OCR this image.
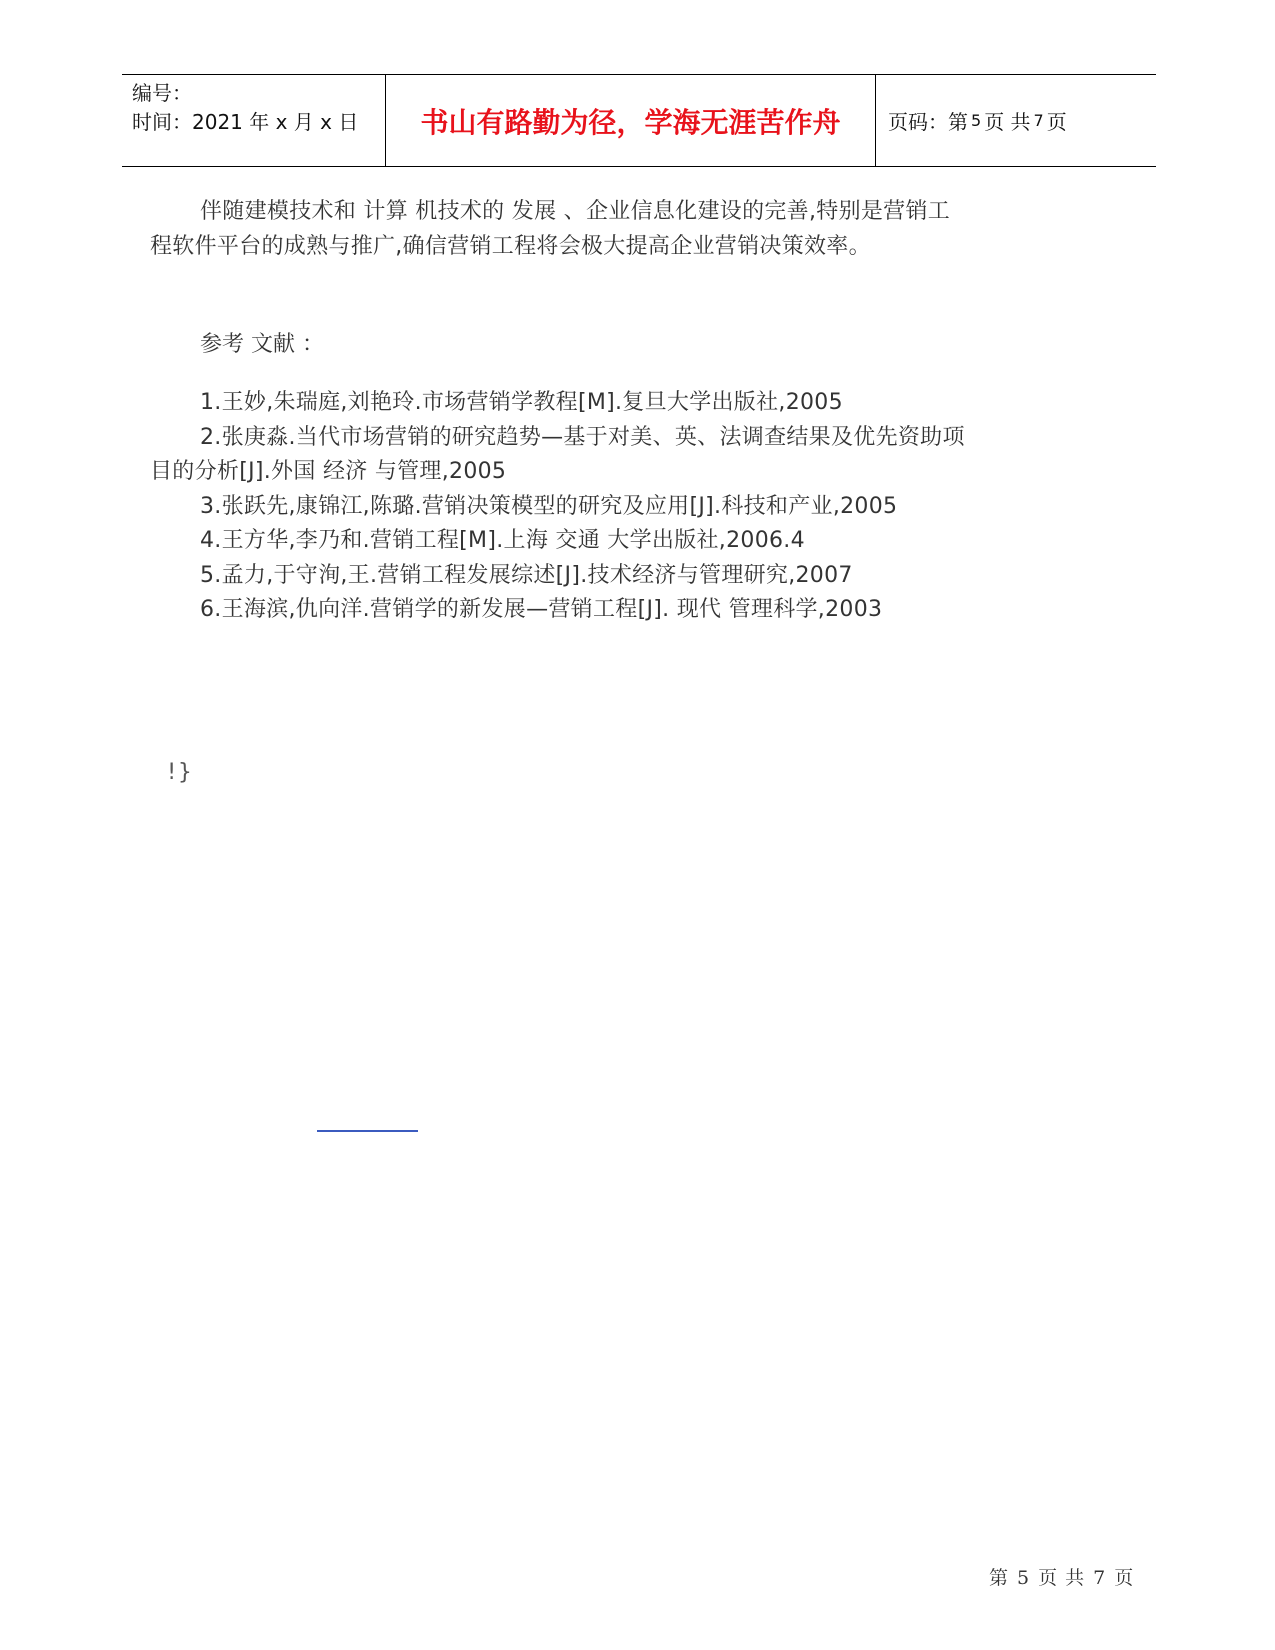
编号：
时间：2021 年 x 月 x 日	书山有路勤为径，学海无涯苦作舟	页码：第 5 页 共 7 页

伴随建模技术和 计算 机技术的 发展 、企业信息化建设的完善,特别是营销工程软件平台的成熟与推广,确信营销工程将会极大提高企业营销决策效率。

参考 文献 ：

1.王妙,朱瑞庭,刘艳玲.市场营销学教程[M].复旦大学出版社,2005

2.张庚淼.当代市场营销的研究趋势—基于对美、英、法调查结果及优先资助项目的分析[J].外国 经济 与管理,2005

3.张跃先,康锦江,陈璐.营销决策模型的研究及应用[J].科技和产业,2005

4.王方华,李乃和.营销工程[M].上海 交通 大学出版社,2006.4

5.孟力,于守洵,王.营销工程发展综述[J].技术经济与管理研究,2007

6.王海滨,仇向洋.营销学的新发展—营销工程[J]. 现代 管理科学,2003

!}
第 5 页 共 7 页
